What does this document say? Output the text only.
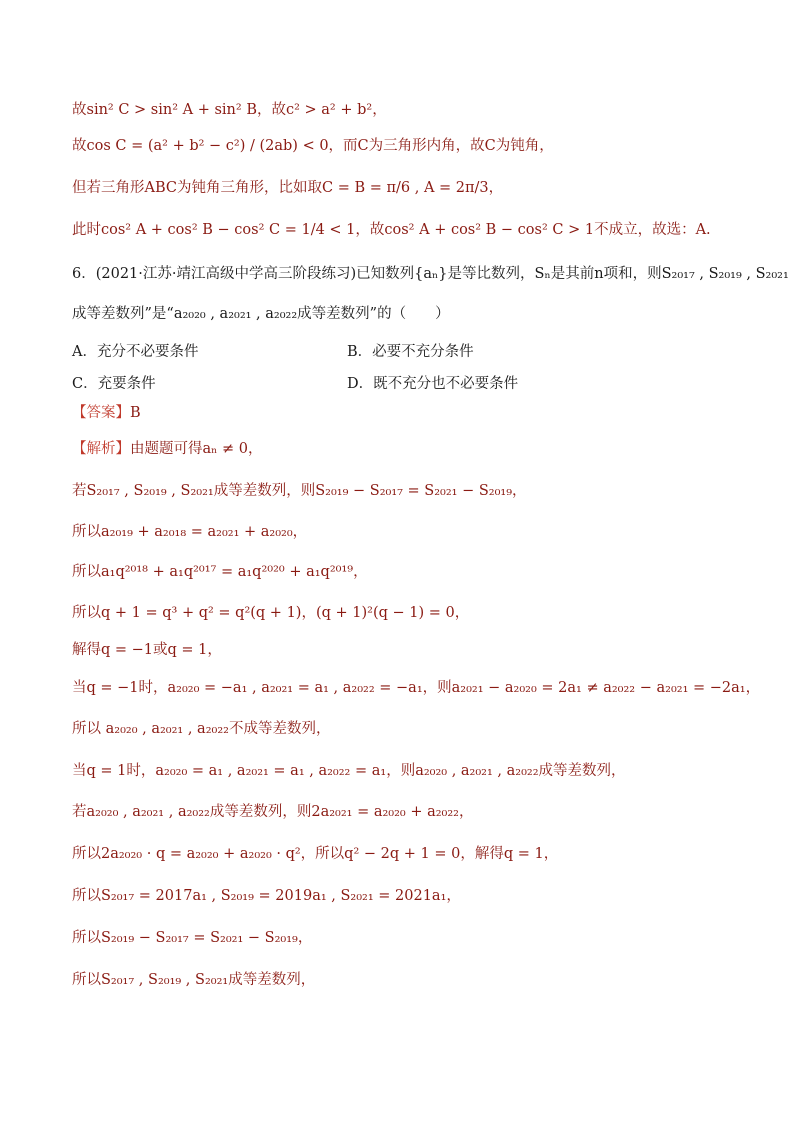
故sin² C > sin² A + sin² B，故c² > a² + b²，
故cos C = (a² + b² − c²) / (2ab) < 0，而C为三角形内角，故C为钝角，
但若三角形ABC为钝角三角形，比如取C = B = π/6 , A = 2π/3，
此时cos² A + cos² B − cos² C = 1/4 < 1，故cos² A + cos² B − cos² C > 1不成立，故选：A.
6．(2021·江苏·靖江高级中学高三阶段练习)已知数列{aₙ}是等比数列，Sₙ是其前n项和，则S₂₀₁₇ , S₂₀₁₉ , S₂₀₂₁
成等差数列”是“a₂₀₂₀ , a₂₀₂₁ , a₂₀₂₂成等差数列”的（　　）
A．充分不必要条件	B．必要不充分条件
C．充要条件	D．既不充分也不必要条件
【答案】B
【解析】由题题可得aₙ ≠ 0，
若S₂₀₁₇ , S₂₀₁₉ , S₂₀₂₁成等差数列，则S₂₀₁₉ − S₂₀₁₇ = S₂₀₂₁ − S₂₀₁₉，
所以a₂₀₁₉ + a₂₀₁₈ = a₂₀₂₁ + a₂₀₂₀，
所以a₁q²⁰¹⁸ + a₁q²⁰¹⁷ = a₁q²⁰²⁰ + a₁q²⁰¹⁹，
所以q + 1 = q³ + q² = q²(q + 1)，(q + 1)²(q − 1) = 0，
解得q = −1或q = 1，
当q = −1时，a₂₀₂₀ = −a₁ , a₂₀₂₁ = a₁ , a₂₀₂₂ = −a₁，则a₂₀₂₁ − a₂₀₂₀ = 2a₁ ≠ a₂₀₂₂ − a₂₀₂₁ = −2a₁，
所以 a₂₀₂₀ , a₂₀₂₁ , a₂₀₂₂不成等差数列，
当q = 1时，a₂₀₂₀ = a₁ , a₂₀₂₁ = a₁ , a₂₀₂₂ = a₁，则a₂₀₂₀ , a₂₀₂₁ , a₂₀₂₂成等差数列，
若a₂₀₂₀ , a₂₀₂₁ , a₂₀₂₂成等差数列，则2a₂₀₂₁ = a₂₀₂₀ + a₂₀₂₂，
所以2a₂₀₂₀ · q = a₂₀₂₀ + a₂₀₂₀ · q²，所以q² − 2q + 1 = 0，解得q = 1，
所以S₂₀₁₇ = 2017a₁ , S₂₀₁₉ = 2019a₁ , S₂₀₂₁ = 2021a₁，
所以S₂₀₁₉ − S₂₀₁₇ = S₂₀₂₁ − S₂₀₁₉，
所以S₂₀₁₇ , S₂₀₁₉ , S₂₀₂₁成等差数列，
